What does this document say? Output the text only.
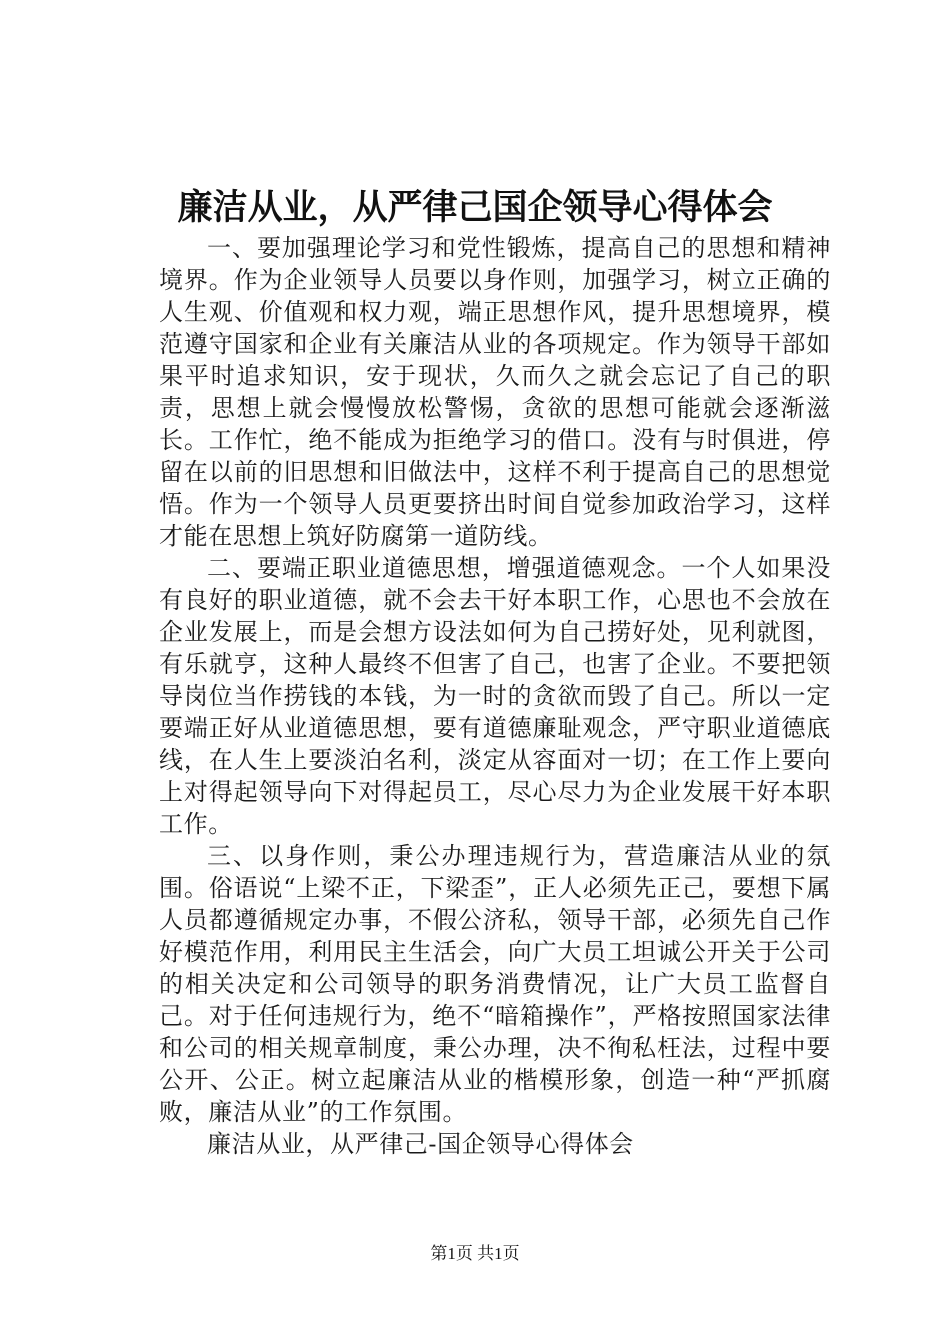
廉洁从业，从严律己国企领导心得体会

一、要加强理论学习和党性锻炼，提高自己的思想和精神境界。作为企业领导人员要以身作则，加强学习，树立正确的人生观、价值观和权力观，端正思想作风，提升思想境界，模范遵守国家和企业有关廉洁从业的各项规定。作为领导干部如果平时追求知识，安于现状，久而久之就会忘记了自己的职责，思想上就会慢慢放松警惕，贪欲的思想可能就会逐渐滋长。工作忙，绝不能成为拒绝学习的借口。没有与时俱进，停留在以前的旧思想和旧做法中，这样不利于提高自己的思想觉悟。作为一个领导人员更要挤出时间自觉参加政治学习，这样才能在思想上筑好防腐第一道防线。

二、要端正职业道德思想，增强道德观念。一个人如果没有良好的职业道德，就不会去干好本职工作，心思也不会放在企业发展上，而是会想方设法如何为自己捞好处，见利就图，有乐就亨，这种人最终不但害了自己，也害了企业。不要把领导岗位当作捞钱的本钱，为一时的贪欲而毁了自己。所以一定要端正好从业道德思想，要有道德廉耻观念，严守职业道德底线，在人生上要淡泊名利，淡定从容面对一切；在工作上要向上对得起领导向下对得起员工，尽心尽力为企业发展干好本职工作。

三、以身作则，秉公办理违规行为，营造廉洁从业的氛围。俗语说“上梁不正，下梁歪”，正人必须先正己，要想下属人员都遵循规定办事，不假公济私，领导干部，必须先自己作好模范作用，利用民主生活会，向广大员工坦诚公开关于公司的相关决定和公司领导的职务消费情况，让广大员工监督自己。对于任何违规行为，绝不“暗箱操作”，严格按照国家法律和公司的相关规章制度，秉公办理，决不徇私枉法，过程中要公开、公正。树立起廉洁从业的楷模形象，创造一种“严抓腐败，廉洁从业”的工作氛围。

廉洁从业，从严律己-国企领导心得体会

第1页 共1页
